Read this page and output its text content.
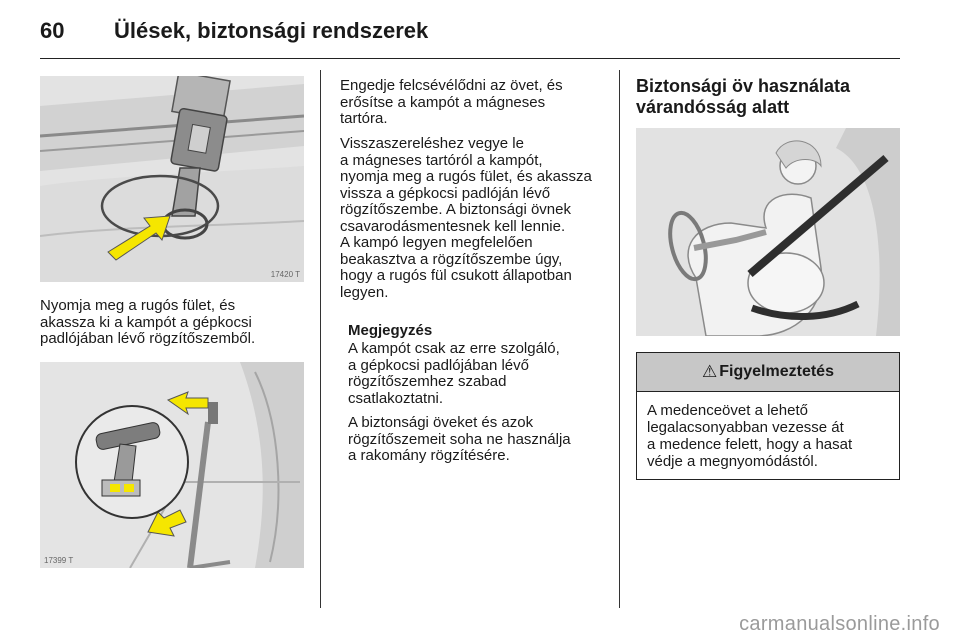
60 Ülések, biztonsági rendszerek
17420 T
Nyomja meg a rugós fület, és
akassza ki a kampót a gépkocsi
padlójában lévő rögzítőszemből.
17399 T
Engedje felcsévélődni az övet, és
erősítse a kampót a mágneses
tartóra.
Visszaszereléshez vegye le
a mágneses tartóról a kampót,
nyomja meg a rugós fület, és akassza
vissza a gépkocsi padlóján lévő
rögzítőszembe. A biztonsági övnek
csavarodásmentesnek kell lennie.
A kampó legyen megfelelően
beakasztva a rögzítőszembe úgy,
hogy a rugós fül csukott állapotban
legyen.
Megjegyzés
A kampót csak az erre szolgáló,
a gépkocsi padlójában lévő
rögzítőszemhez szabad
csatlakoztatni.
A biztonsági öveket és azok
rögzítőszemeit soha ne használja
a rakomány rögzítésére.
Biztonsági öv használata
várandósság alatt
⚠ Figyelmeztetés
A medenceövet a lehető
legalacsonyabban vezesse át
a medence felett, hogy a hasat
védje a megnyomódástól.
carmanualsonline.info
